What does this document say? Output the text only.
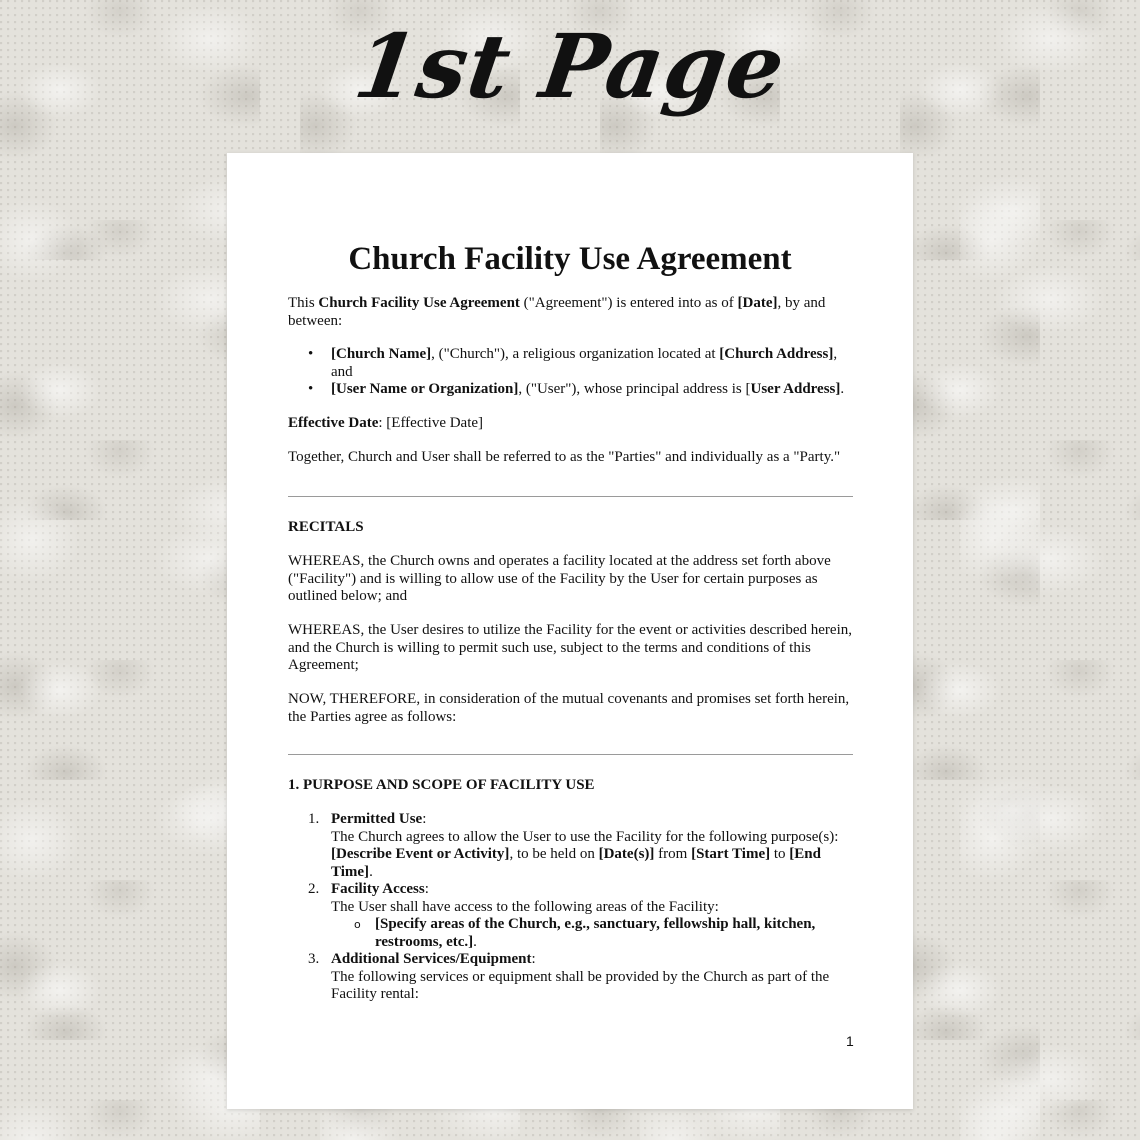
1st Page
Church Facility Use Agreement

This Church Facility Use Agreement ("Agreement") is entered into as of [Date], by and between:

• [Church Name], ("Church"), a religious organization located at [Church Address], and
• [User Name or Organization], ("User"), whose principal address is [User Address].

Effective Date: [Effective Date]

Together, Church and User shall be referred to as the "Parties" and individually as a "Party."

RECITALS

WHEREAS, the Church owns and operates a facility located at the address set forth above ("Facility") and is willing to allow use of the Facility by the User for certain purposes as outlined below; and

WHEREAS, the User desires to utilize the Facility for the event or activities described herein, and the Church is willing to permit such use, subject to the terms and conditions of this Agreement;

NOW, THEREFORE, in consideration of the mutual covenants and promises set forth herein, the Parties agree as follows:

1. PURPOSE AND SCOPE OF FACILITY USE

1. Permitted Use:
The Church agrees to allow the User to use the Facility for the following purpose(s): [Describe Event or Activity], to be held on [Date(s)] from [Start Time] to [End Time].
2. Facility Access:
The User shall have access to the following areas of the Facility:
o [Specify areas of the Church, e.g., sanctuary, fellowship hall, kitchen, restrooms, etc.].
3. Additional Services/Equipment:
The following services or equipment shall be provided by the Church as part of the Facility rental:
1
